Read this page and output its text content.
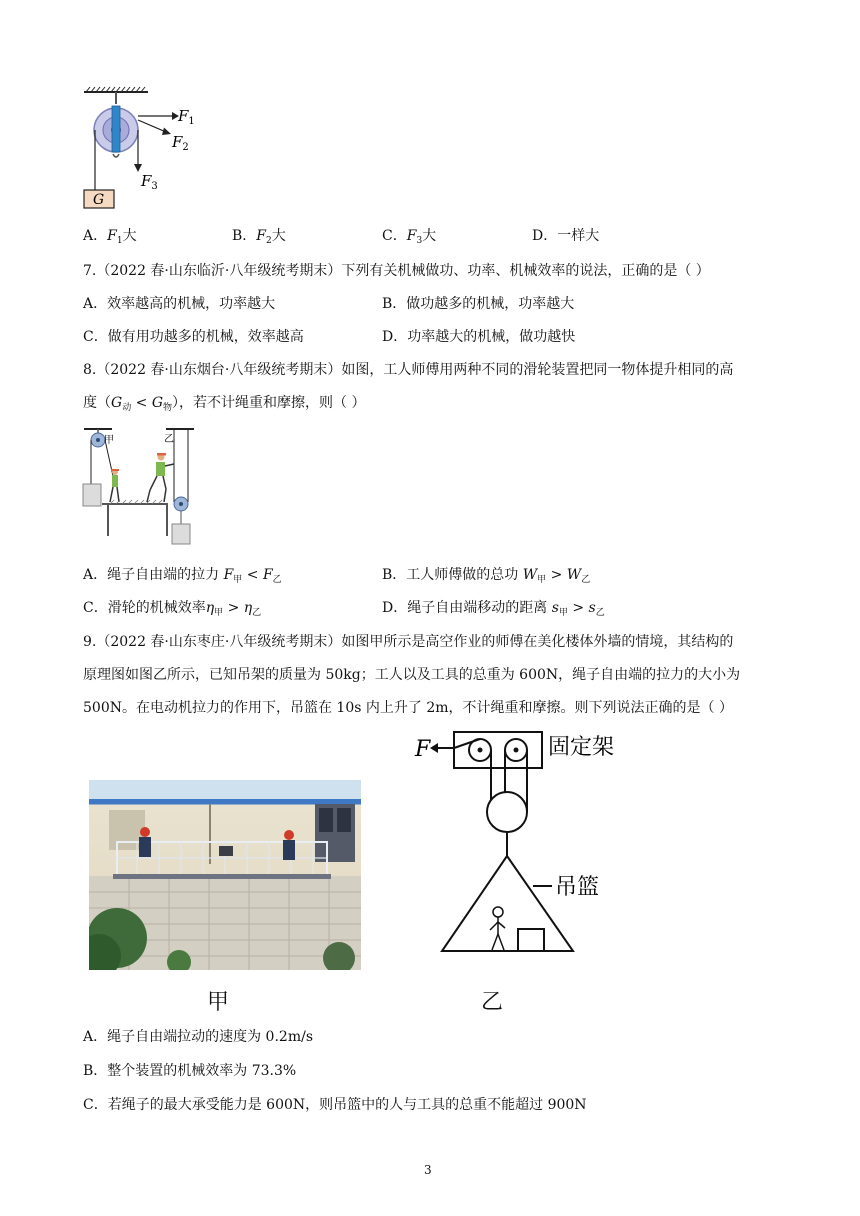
$F_1$
$F_2$
$F_3$
G
A．$F_1$大	B．$F_2$大	C．$F_3$大	D．一样大
7.（2022 春·山东临沂·八年级统考期末）下列有关机械做功、功率、机械效率的说法，正确的是（ ）
A．效率越高的机械，功率越大	B．做功越多的机械，功率越大
C．做有用功越多的机械，效率越高	D．功率越大的机械，做功越快
8.（2022 春·山东烟台·八年级统考期末）如图，工人师傅用两种不同的滑轮装置把同一物体提升相同的高
度$(G_动 < G_物)$，若不计绳重和摩擦，则（ ）
甲	乙
A．绳子自由端的拉力 $F_甲 < F_乙$	B．工人师傅做的总功 $W_甲 > W_乙$
C．滑轮的机械效率$\eta_甲 > \eta_乙$	D．绳子自由端移动的距离 $s_甲 > s_乙$
9.（2022 春·山东枣庄·八年级统考期末）如图甲所示是高空作业的师傅在美化楼体外墙的情境，其结构的
原理图如图乙所示，已知吊架的质量为 50kg；工人以及工具的总重为 600N，绳子自由端的拉力的大小为
500N。在电动机拉力的作用下，吊篮在 10s 内上升了 2m，不计绳重和摩擦。则下列说法正确的是（ ）
F	固定架
吊篮
甲	乙
A．绳子自由端拉动的速度为 0.2m/s
B．整个装置的机械效率为 73.3%
C．若绳子的最大承受能力是 600N，则吊篮中的人与工具的总重不能超过 900N
3
